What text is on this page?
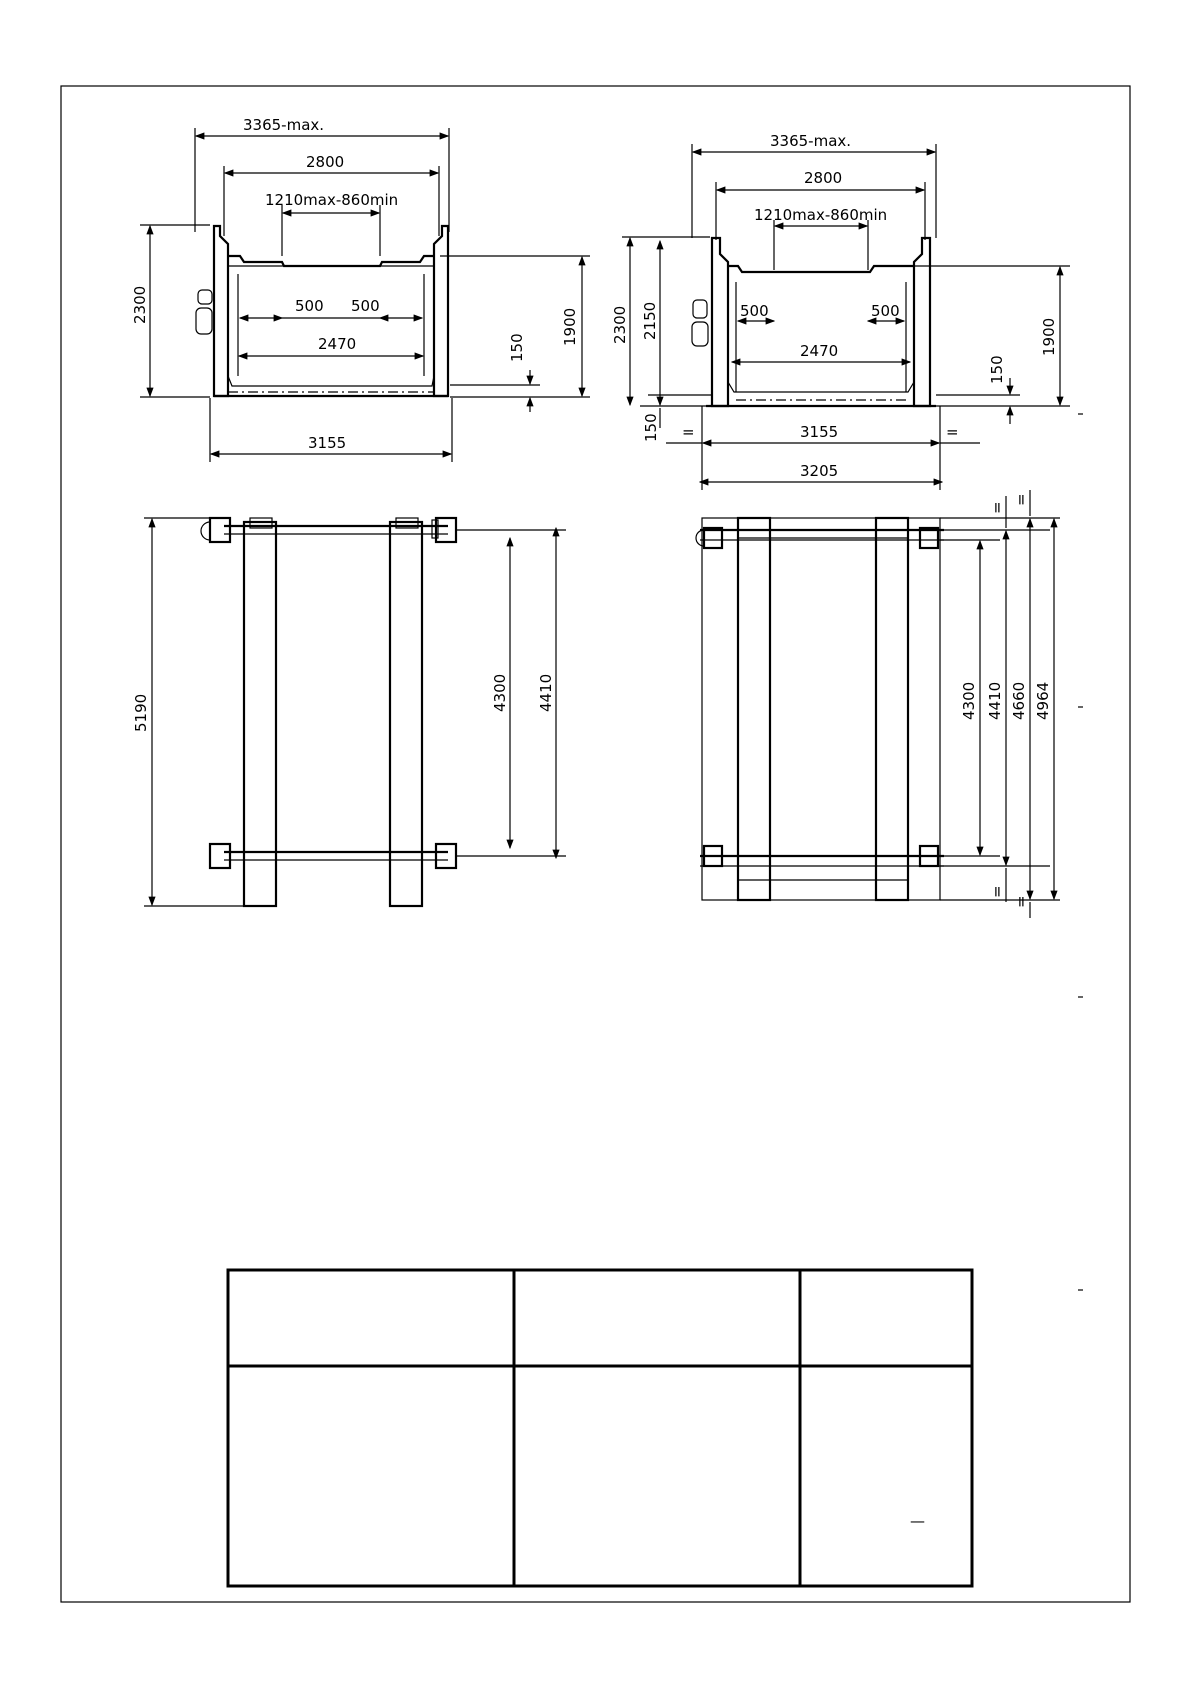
3365-max.
2800
1210max-860min
2300
1900
150
500 500
2470
3155
3365-max.
2800
1210max-860min
2300 2150	1900
150
150
500	500
2470
=	=
3155
3205
5190
4300 4410	4300 4410 4660 4964
=
=
=
=
—
